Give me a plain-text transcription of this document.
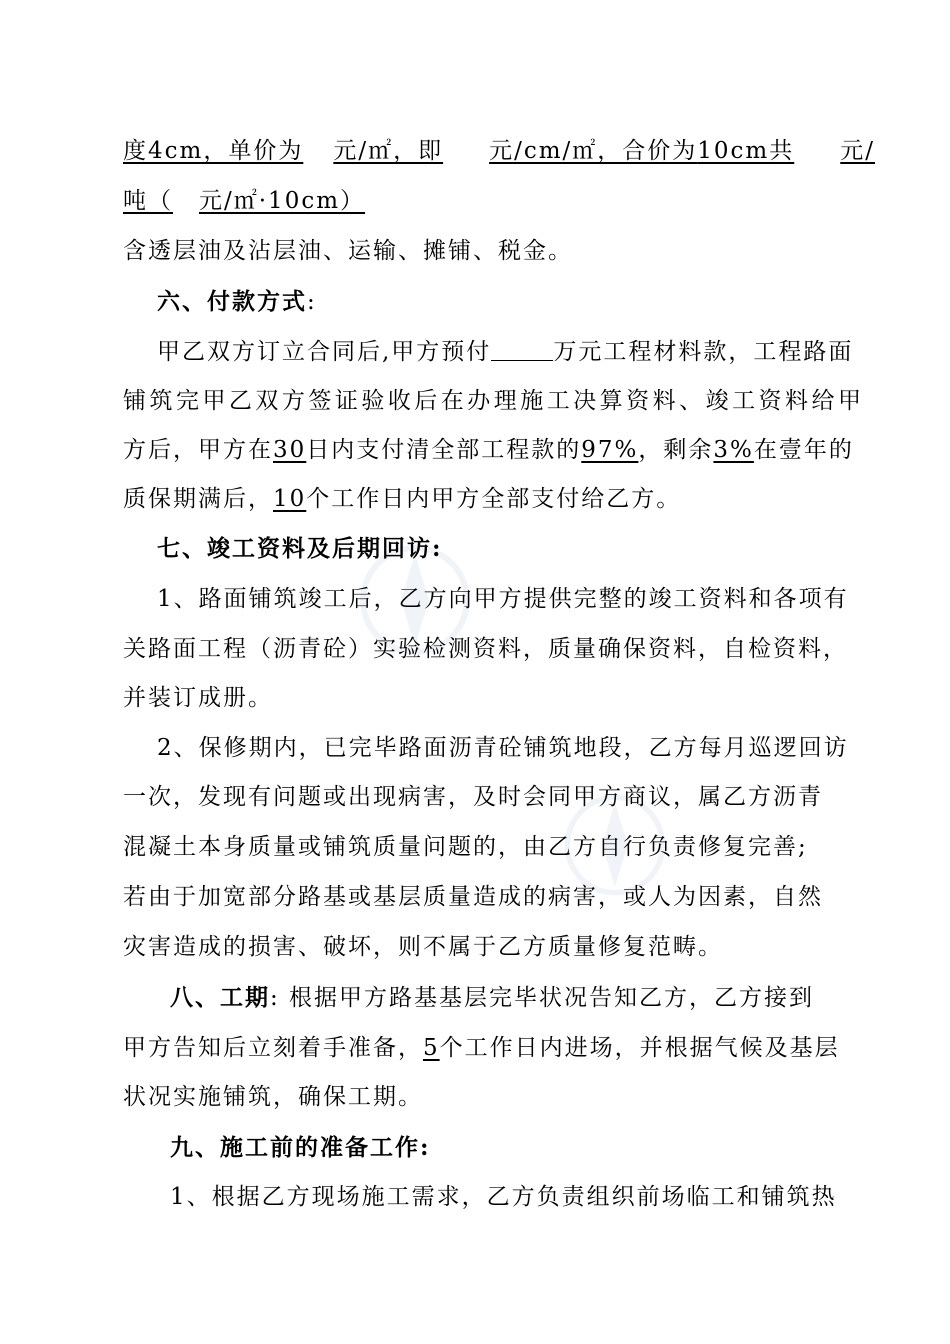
度4cm，单价为 元/㎡，即 元/cm/㎡，合价为10cm共 元/
吨（ 元/㎡·10cm）
含透层油及沾层油、运输、摊铺、税金。
六、付款方式:
甲乙双方订立合同后,甲方预付	万元工程材料款，工程路面
铺筑完甲乙双方签证验收后在办理施工决算资料、竣工资料给甲
方后，甲方在30日内支付清全部工程款的97%，剩余3%在壹年的
质保期满后，10个工作日内甲方全部支付给乙方。
七、竣工资料及后期回访:
1、路面铺筑竣工后，乙方向甲方提供完整的竣工资料和各项有
关路面工程（沥青砼）实验检测资料，质量确保资料，自检资料，
并装订成册。
2、保修期内，已完毕路面沥青砼铺筑地段，乙方每月巡逻回访
一次，发现有问题或出现病害，及时会同甲方商议，属乙方沥青
混凝土本身质量或铺筑质量问题的，由乙方自行负责修复完善;
若由于加宽部分路基或基层质量造成的病害，或人为因素，自然
灾害造成的损害、破坏，则不属于乙方质量修复范畴。
八、工期: 根据甲方路基基层完毕状况告知乙方，乙方接到
甲方告知后立刻着手准备，5个工作日内进场，并根据气候及基层
状况实施铺筑，确保工期。
九、施工前的准备工作:
1、根据乙方现场施工需求，乙方负责组织前场临工和铺筑热
